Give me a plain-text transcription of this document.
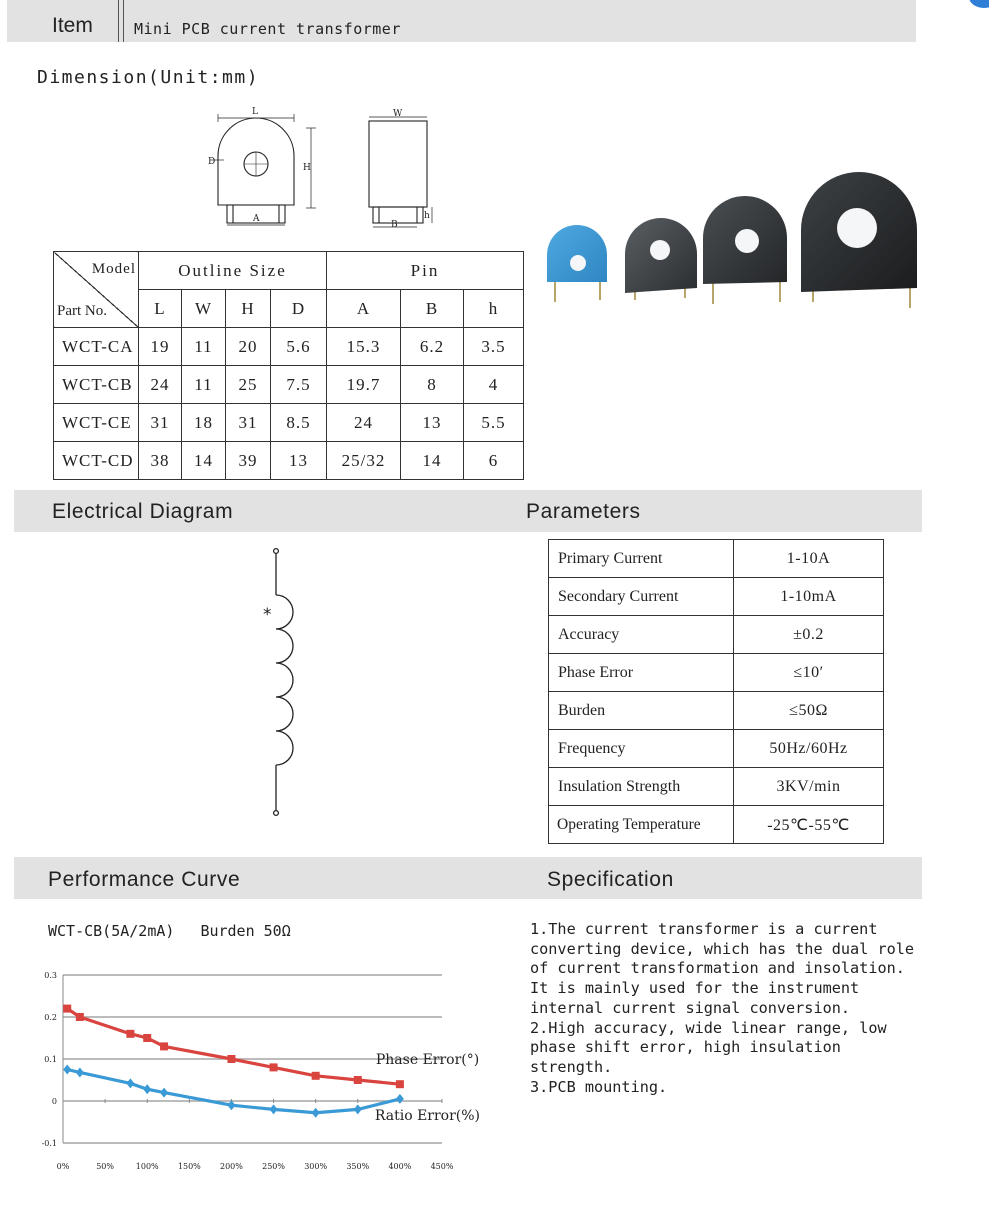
Item	Mini PCB current transformer
Dimension(Unit:mm)
L
D
H
A
W
B
h
Model
Part No.	Outline Size				Pin		
	L	W	H	D	A	B	h
WCT-CA	19	11	20	5.6	15.3	6.2	3.5
WCT-CB	24	11	25	7.5	19.7	8	4
WCT-CE	31	18	31	8.5	24	13	5.5
WCT-CD	38	14	39	13	25/32	14	6
Electrical Diagram	Parameters
*
Primary Current	1-10A
Secondary Current	1-10mA
Accuracy	±0.2
Phase Error	≤10′
Burden	≤50Ω
Frequency	50Hz/60Hz
Insulation Strength	3KV/min
Operating Temperature	-25℃-55℃
Performance Curve	Specification
WCT-CB(5A/2mA) Burden 50Ω
0.3
0.2
0.1
0
-0.1
0%	50%	100% 150% 200% 250% 300% 350% 400% 450%
Phase Error(°)
Ratio Error(%)

1.The current transformer is a current converting device, which has the dual role of current transformation and insolation. It is mainly used for the instrument internal current signal conversion.

2.High accuracy, wide linear range, low phase shift error, high insulation strength.

3.PCB mounting.
